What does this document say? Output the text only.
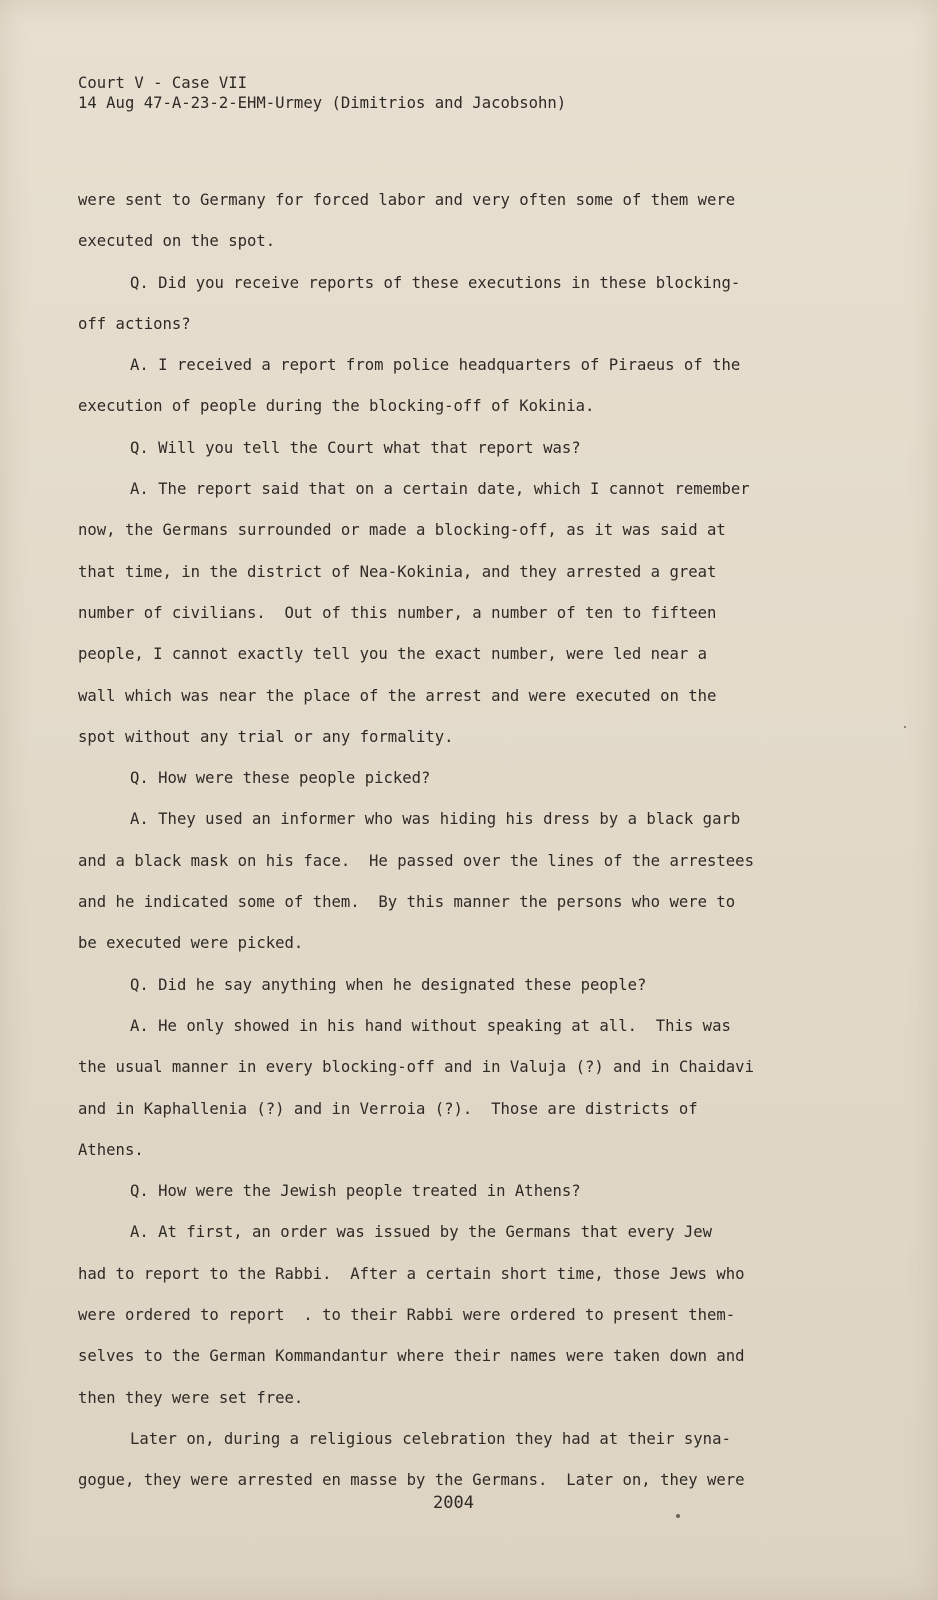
Court V - Case VII
14 Aug 47-A-23-2-EHM-Urmey (Dimitrios and Jacobsohn)
were sent to Germany for forced labor and very often some of them were
executed on the spot.
Q. Did you receive reports of these executions in these blocking-
off actions?
A. I received a report from police headquarters of Piraeus of the
execution of people during the blocking-off of Kokinia.
Q. Will you tell the Court what that report was?
A. The report said that on a certain date, which I cannot remember
now, the Germans surrounded or made a blocking-off, as it was said at
that time, in the district of Nea-Kokinia, and they arrested a great
number of civilians.  Out of this number, a number of ten to fifteen
people, I cannot exactly tell you the exact number, were led near a
wall which was near the place of the arrest and were executed on the
spot without any trial or any formality.
Q. How were these people picked?
A. They used an informer who was hiding his dress by a black garb
and a black mask on his face.  He passed over the lines of the arrestees
and he indicated some of them.  By this manner the persons who were to
be executed were picked.
Q. Did he say anything when he designated these people?
A. He only showed in his hand without speaking at all.  This was
the usual manner in every blocking-off and in Valuja (?) and in Chaidavi
and in Kaphallenia (?) and in Verroia (?).  Those are districts of
Athens.
Q. How were the Jewish people treated in Athens?
A. At first, an order was issued by the Germans that every Jew
had to report to the Rabbi.  After a certain short time, those Jews who
were ordered to report  . to their Rabbi were ordered to present them-
selves to the German Kommandantur where their names were taken down and
then they were set free.
Later on, during a religious celebration they had at their syna-
gogue, they were arrested en masse by the Germans.  Later on, they were
2004
